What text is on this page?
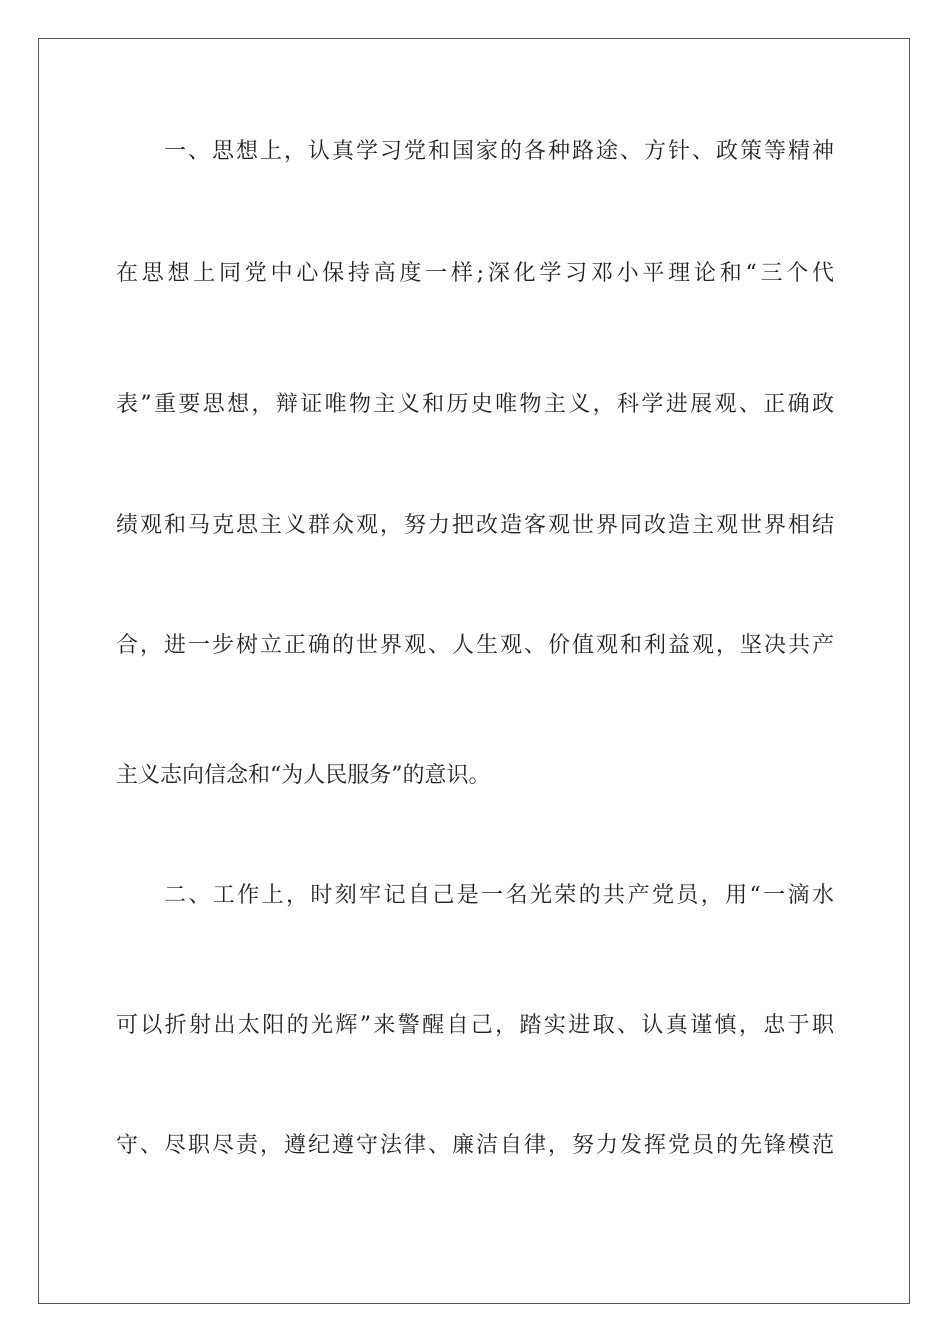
一、思想上，认真学习党和国家的各种路途、方针、政策等精神
在思想上同党中心保持高度一样;深化学习邓小平理论和“三个代
表”重要思想，辩证唯物主义和历史唯物主义，科学进展观、正确政
绩观和马克思主义群众观，努力把改造客观世界同改造主观世界相结
合，进一步树立正确的世界观、人生观、价值观和利益观，坚决共产
主义志向信念和“为人民服务”的意识。
二、工作上，时刻牢记自己是一名光荣的共产党员，用“一滴水
可以折射出太阳的光辉”来警醒自己，踏实进取、认真谨慎，忠于职
守、尽职尽责，遵纪遵守法律、廉洁自律，努力发挥党员的先锋模范
